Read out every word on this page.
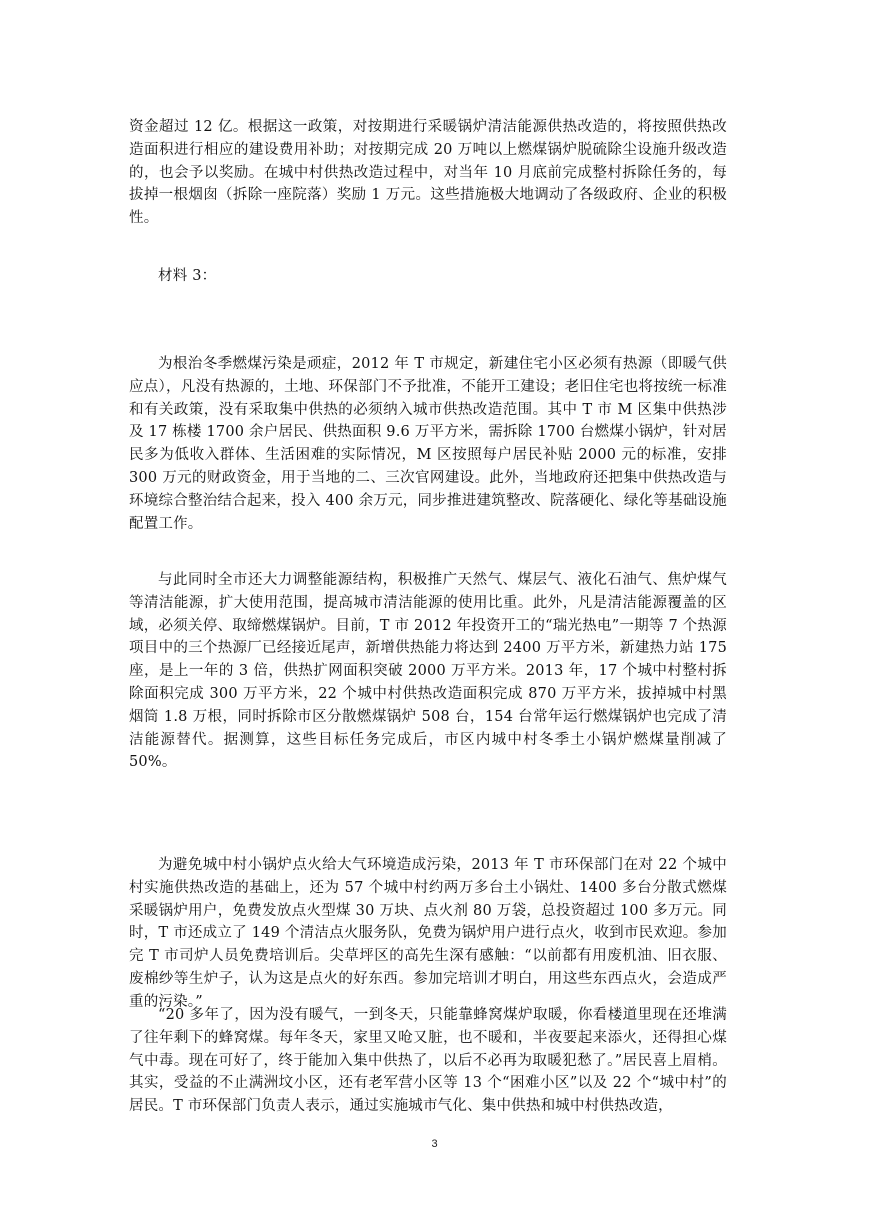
资金超过 12 亿。根据这一政策，对按期进行采暖锅炉清洁能源供热改造的，将按照供热改造面积进行相应的建设费用补助；对按期完成 20 万吨以上燃煤锅炉脱硫除尘设施升级改造的，也会予以奖励。在城中村供热改造过程中，对当年 10 月底前完成整村拆除任务的，每拔掉一根烟囱（拆除一座院落）奖励 1 万元。这些措施极大地调动了各级政府、企业的积极性。

材料 3：

为根治冬季燃煤污染是顽症，2012 年 T 市规定，新建住宅小区必须有热源（即暖气供应点），凡没有热源的，土地、环保部门不予批准，不能开工建设；老旧住宅也将按统一标准和有关政策，没有采取集中供热的必须纳入城市供热改造范围。其中 T 市 M 区集中供热涉及 17 栋楼 1700 余户居民、供热面积 9.6 万平方米，需拆除 1700 台燃煤小锅炉，针对居民多为低收入群体、生活困难的实际情况，M 区按照每户居民补贴 2000 元的标准，安排 300 万元的财政资金，用于当地的二、三次官网建设。此外，当地政府还把集中供热改造与环境综合整治结合起来，投入 400 余万元，同步推进建筑整改、院落硬化、绿化等基础设施配置工作。

与此同时全市还大力调整能源结构，积极推广天然气、煤层气、液化石油气、焦炉煤气等清洁能源，扩大使用范围，提高城市清洁能源的使用比重。此外，凡是清洁能源覆盖的区域，必须关停、取缔燃煤锅炉。目前，T 市 2012 年投资开工的“瑞光热电”一期等 7 个热源项目中的三个热源厂已经接近尾声，新增供热能力将达到 2400 万平方米，新建热力站 175 座，是上一年的 3 倍，供热扩网面积突破 2000 万平方米。2013 年，17 个城中村整村拆除面积完成 300 万平方米，22 个城中村供热改造面积完成 870 万平方米，拔掉城中村黑烟筒 1.8 万根，同时拆除市区分散燃煤锅炉 508 台，154 台常年运行燃煤锅炉也完成了清洁能源替代。据测算，这些目标任务完成后，市区内城中村冬季土小锅炉燃煤量削减了 50%。

为避免城中村小锅炉点火给大气环境造成污染，2013 年 T 市环保部门在对 22 个城中村实施供热改造的基础上，还为 57 个城中村约两万多台土小锅灶、1400 多台分散式燃煤采暖锅炉用户，免费发放点火型煤 30 万块、点火剂 80 万袋，总投资超过 100 多万元。同时，T 市还成立了 149 个清洁点火服务队，免费为锅炉用户进行点火，收到市民欢迎。参加完 T 市司炉人员免费培训后。尖草坪区的高先生深有感触：“以前都有用废机油、旧衣服、废棉纱等生炉子，认为这是点火的好东西。参加完培训才明白，用这些东西点火，会造成严重的污染。”

“20 多年了，因为没有暖气，一到冬天，只能靠蜂窝煤炉取暖，你看楼道里现在还堆满了往年剩下的蜂窝煤。每年冬天，家里又呛又脏，也不暖和，半夜要起来添火，还得担心煤气中毒。现在可好了，终于能加入集中供热了，以后不必再为取暖犯愁了。”居民喜上眉梢。其实，受益的不止满洲坟小区，还有老军营小区等 13 个“困难小区”以及 22 个“城中村”的居民。T 市环保部门负责人表示，通过实施城市气化、集中供热和城中村供热改造，

3
